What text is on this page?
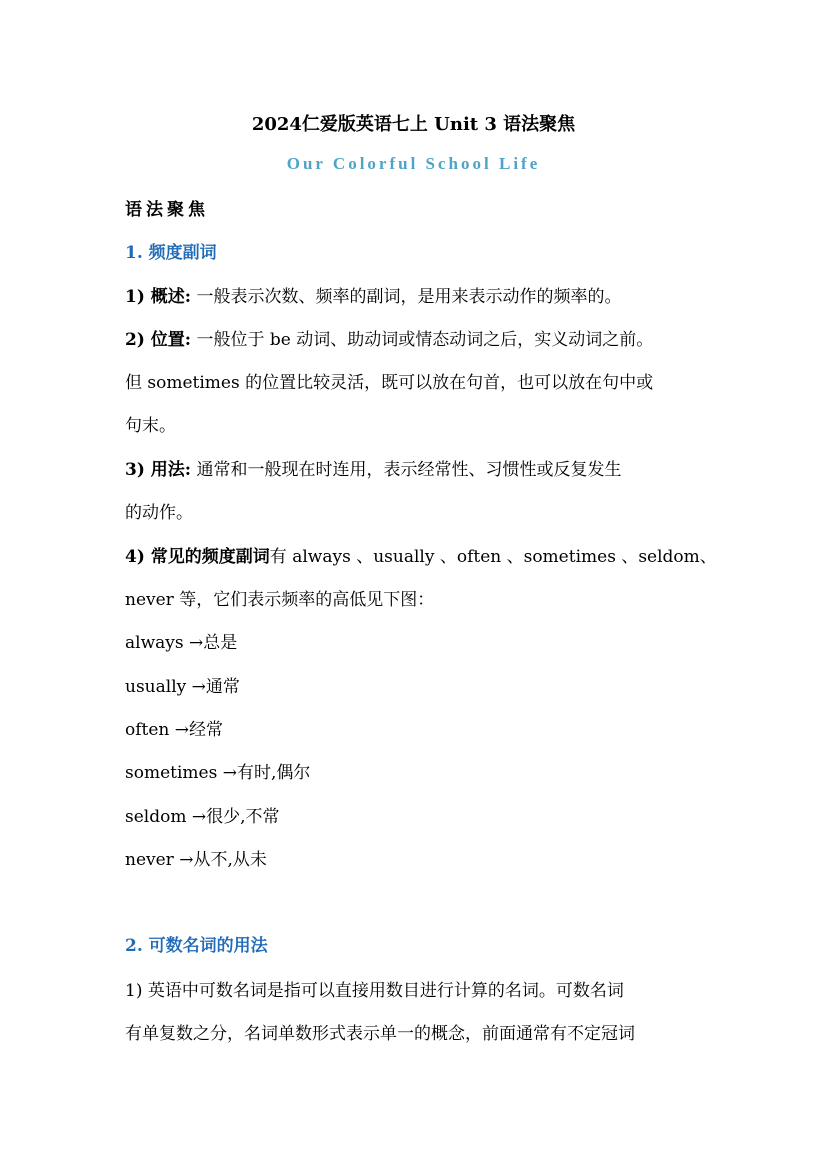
2024仁爱版英语七上 Unit 3 语法聚焦
Our Colorful School Life
语法聚焦
1. 频度副词
1) 概述: 一般表示次数、频率的副词，是用来表示动作的频率的。
2) 位置: 一般位于 be 动词、助动词或情态动词之后，实义动词之前。
但 sometimes 的位置比较灵活，既可以放在句首，也可以放在句中或
句末。
3) 用法: 通常和一般现在时连用，表示经常性、习惯性或反复发生
的动作。
4) 常见的频度副词有 always 、usually 、often 、sometimes 、seldom、
never 等，它们表示频率的高低见下图：
always →总是
usually →通常
often →经常
sometimes →有时,偶尔
seldom →很少,不常
never →从不,从未
2. 可数名词的用法
1) 英语中可数名词是指可以直接用数目进行计算的名词。可数名词
有单复数之分，名词单数形式表示单一的概念，前面通常有不定冠词
